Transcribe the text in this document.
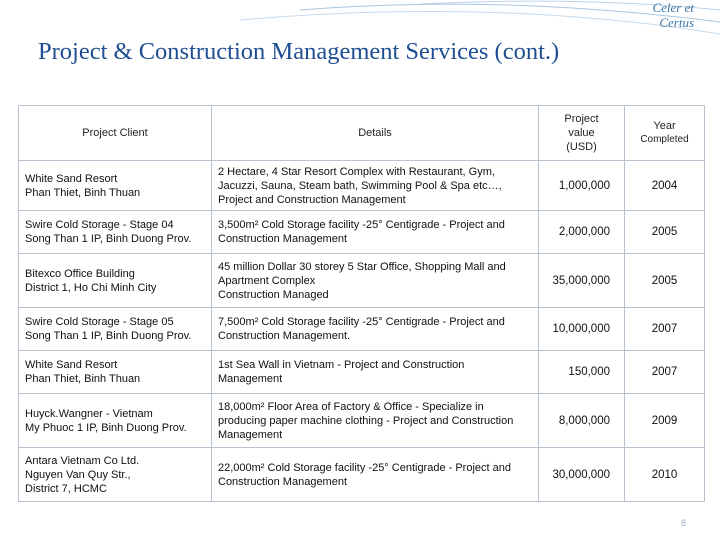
Celer et
Certus
Project & Construction Management Services (cont.)
Project Client	Details	Project
value
(USD)	Year
Completed

White Sand Resort
Phan Thiet, Binh Thuan	2 Hectare, 4 Star Resort Complex with Restaurant, Gym,
Jacuzzi, Sauna, Steam bath, Swimming Pool & Spa etc…,
Project and Construction Management	1,000,000	2004

Swire Cold Storage - Stage 04
Song Than 1 IP, Binh Duong Prov.	3,500m² Cold Storage facility -25° Centigrade - Project and
Construction Management	2,000,000	2005

Bitexco Office Building
District 1, Ho Chi Minh City	45 million Dollar 30 storey 5 Star Office, Shopping Mall and
Apartment Complex
Construction Managed	35,000,000	2005

Swire Cold Storage - Stage 05
Song Than 1 IP, Binh Duong Prov.	7,500m² Cold Storage facility -25° Centigrade - Project and
Construction Management.	10,000,000	2007

White Sand Resort
Phan Thiet, Binh Thuan	1st Sea Wall in Vietnam - Project and Construction
Management	150,000	2007

Huyck.Wangner - Vietnam
My Phuoc 1 IP, Binh Duong Prov.	18,000m² Floor Area of Factory & Office - Specialize in
producing paper machine clothing - Project and Construction
Management	8,000,000	2009

Antara Vietnam Co Ltd.
Nguyen Van Quy Str.,
District 7, HCMC	22,000m² Cold Storage facility -25° Centigrade - Project and
Construction Management	30,000,000	2010
8
